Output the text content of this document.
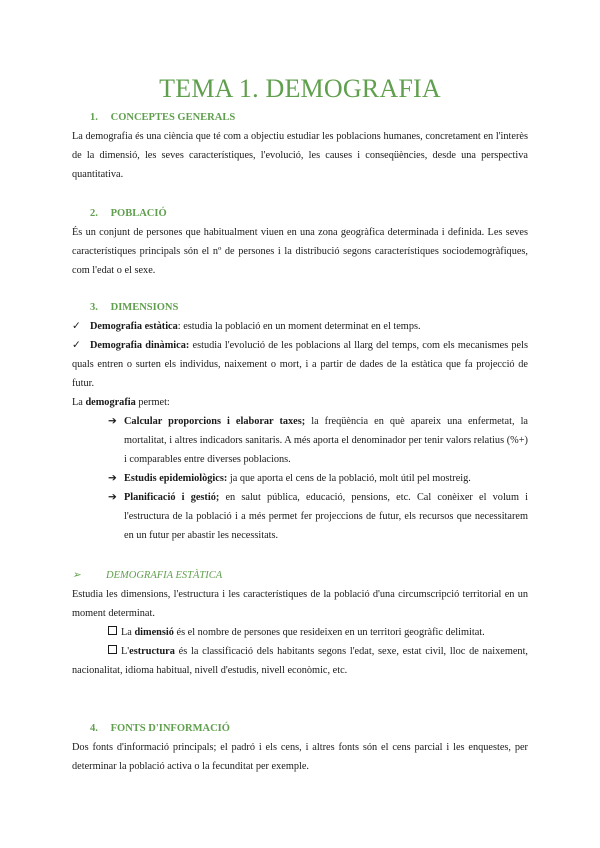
TEMA 1. DEMOGRAFIA
1. CONCEPTES GENERALS
La demografia és una ciència que té com a objectiu estudiar les poblacions humanes, concretament en l'interès de la dimensió, les seves característiques, l'evolució, les causes i conseqüències, desde una perspectiva quantitativa.
2. POBLACIÓ
És un conjunt de persones que habitualment viuen en una zona geogràfica determinada i definida. Les seves característiques principals són el nº de persones i la distribució segons característiques sociodemogràfiques, com l'edat o el sexe.
3. DIMENSIONS
✓ Demografia estàtica: estudia la població en un moment determinat en el temps.
✓ Demografia dinàmica: estudia l'evolució de les poblacions al llarg del temps, com els mecanismes pels quals entren o surten els individus, naixement o mort, i a partir de dades de la estàtica que fa projecció de futur.
La demografia permet:
➔ Calcular proporcions i elaborar taxes; la freqüència en què apareix una enfermetat, la mortalitat, i altres indicadors sanitaris. A més aporta el denominador per tenir valors relatius (%+) i comparables entre diverses poblacions.
➔ Estudis epidemiològics: ja que aporta el cens de la població, molt útil pel mostreig.
➔ Planificació i gestió; en salut pública, educació, pensions, etc. Cal conèixer el volum i l'estructura de la població i a més permet fer projeccions de futur, els recursos que necessitarem en un futur per abastir les necessitats.
➢ DEMOGRAFIA ESTÀTICA
Estudia les dimensions, l'estructura i les característiques de la població d'una circumscripció territorial en un moment determinat.
La dimensió és el nombre de persones que resideixen en un territori geogràfic delimitat.
L'estructura és la classificació dels habitants segons l'edat, sexe, estat civil, lloc de naixement, nacionalitat, idioma habitual, nivell d'estudis, nivell econòmic, etc.
4. FONTS D'INFORMACIÓ
Dos fonts d'informació principals; el padró i els cens, i altres fonts són el cens parcial i les enquestes, per determinar la població activa o la fecunditat per exemple.
